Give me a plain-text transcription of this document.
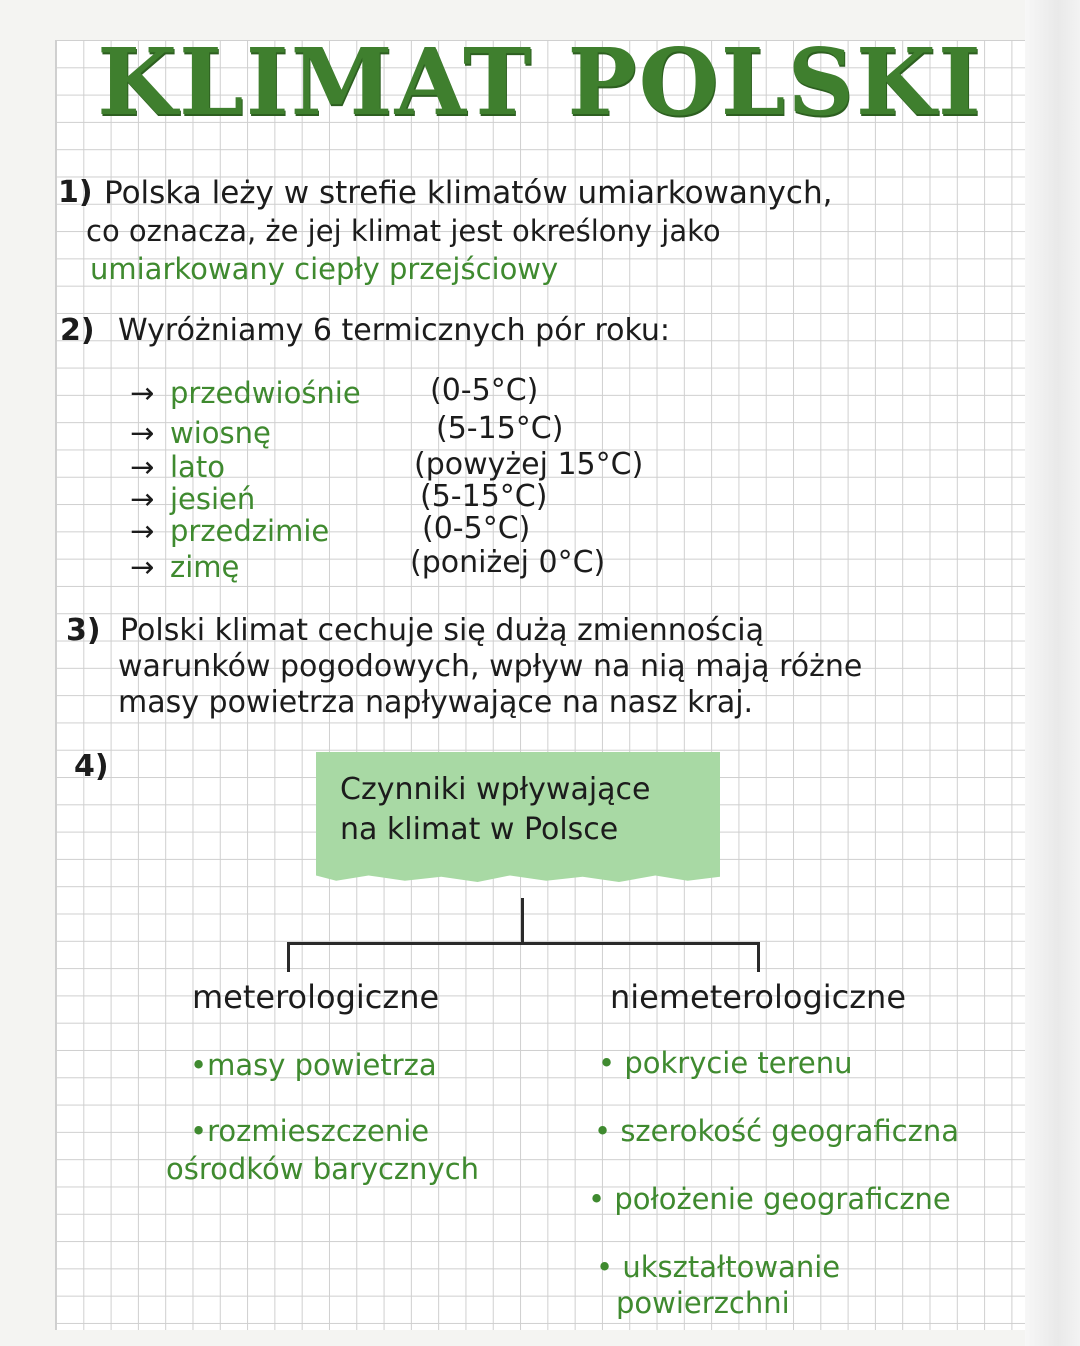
KLIMAT POLSKI
1) Polska leży w strefie klimatów umiarkowanych,
co oznacza, że jej klimat jest określony jako
umiarkowany ciepły przejściowy
2) Wyróżniamy 6 termicznych pór roku:
→ przedwiośnie (0-5°C)
→ wiosnę	(5-15°C)
→ lato	(powyżej 15°C)
→ jesień	(5-15°C)
→ przedzimie	(0-5°C)
→ zimę	(poniżej 0°C)
3) Polski klimat cechuje się dużą zmiennością
warunków pogodowych, wpływ na nią mają różne
masy powietrza napływające na nasz kraj.
4)
Czynniki wpływające
na klimat w Polsce
meterologiczne
•masy powietrza
•rozmieszczenie
ośrodków barycznych
niemeterologiczne
• pokrycie terenu
• szerokość geograficzna
• położenie geograficzne
• ukształtowanie
powierzchni
